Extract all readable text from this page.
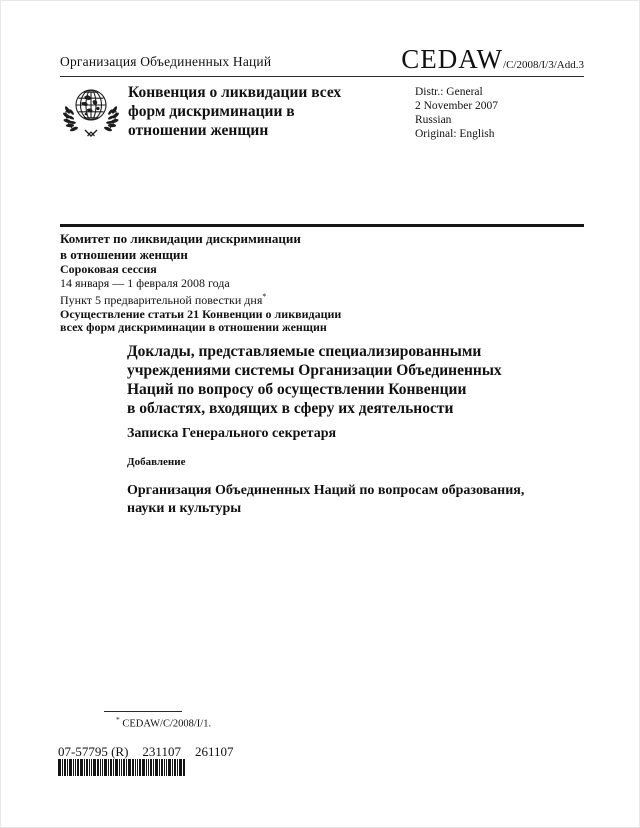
Организация Объединенных Наций	CEDAW /C/2008/I/3/Add.3
Конвенция о ликвидации всех
форм дискриминации в
отношении женщин
Distr.: General
2 November 2007
Russian
Original: English
Комитет по ликвидации дискриминации
в отношении женщин
Сороковая сессия
14 января — 1 февраля 2008 года
Пункт 5 предварительной повестки дня*
Осуществление статьи 21 Конвенции о ликвидации
всех форм дискриминации в отношении женщин
Доклады, представляемые специализированными
учреждениями системы Организации Объединенных
Наций по вопросу об осуществлении Конвенции
в областях, входящих в сферу их деятельности
Записка Генерального секретаря
Добавление
Организация Объединенных Наций по вопросам образования,
науки и культуры
* CEDAW/C/2008/I/1.
07-57795 (R) 231107 261107
